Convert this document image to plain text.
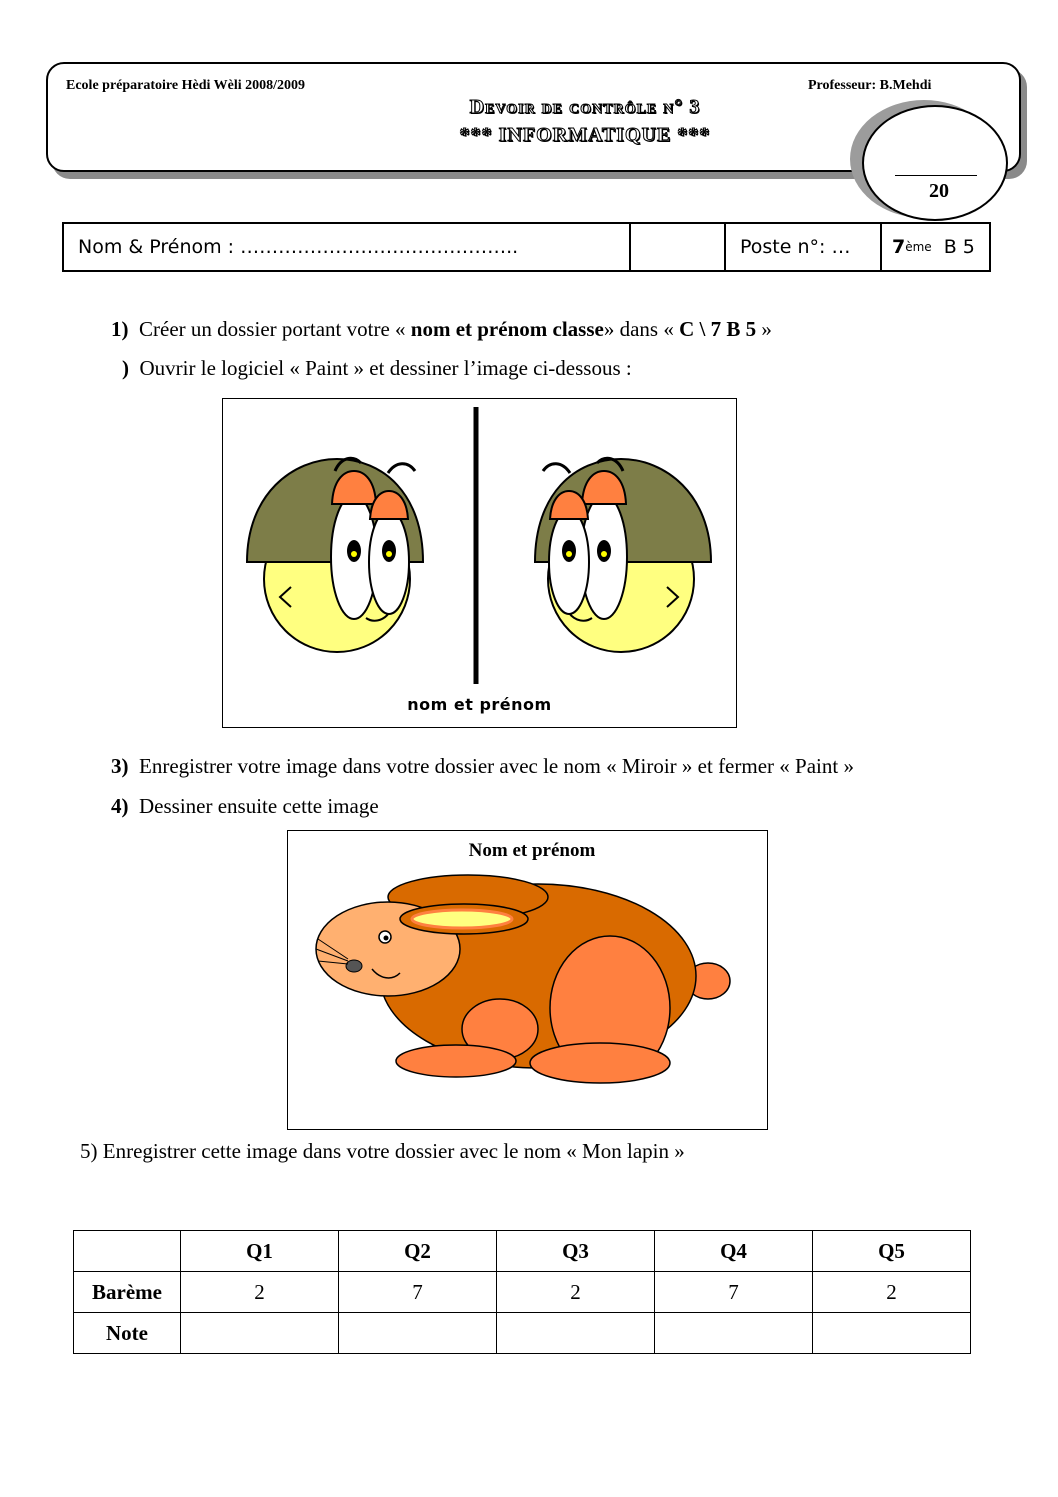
Ecole préparatoire Hèdi Wèli 2008/2009	Professeur: B.Mehdi
Devoir de contrôle n° 3
*** INFORMATIQUE ***
20
Nom & Prénom : ……………………………………..	Poste n°: …	7 ème B 5
1) Créer un dossier portant votre « nom et prénom classe» dans « C \ 7 B 5 »
) Ouvrir le logiciel « Paint » et dessiner l’image ci-dessous :
nom et prénom
3) Enregistrer votre image dans votre dossier avec le nom « Miroir » et fermer « Paint »
4) Dessiner ensuite cette image
Nom et prénom
5) Enregistrer cette image dans votre dossier avec le nom « Mon lapin »
	Q1	Q2	Q3	Q4	Q5
Barème	2	7	2	7	2
Note					
